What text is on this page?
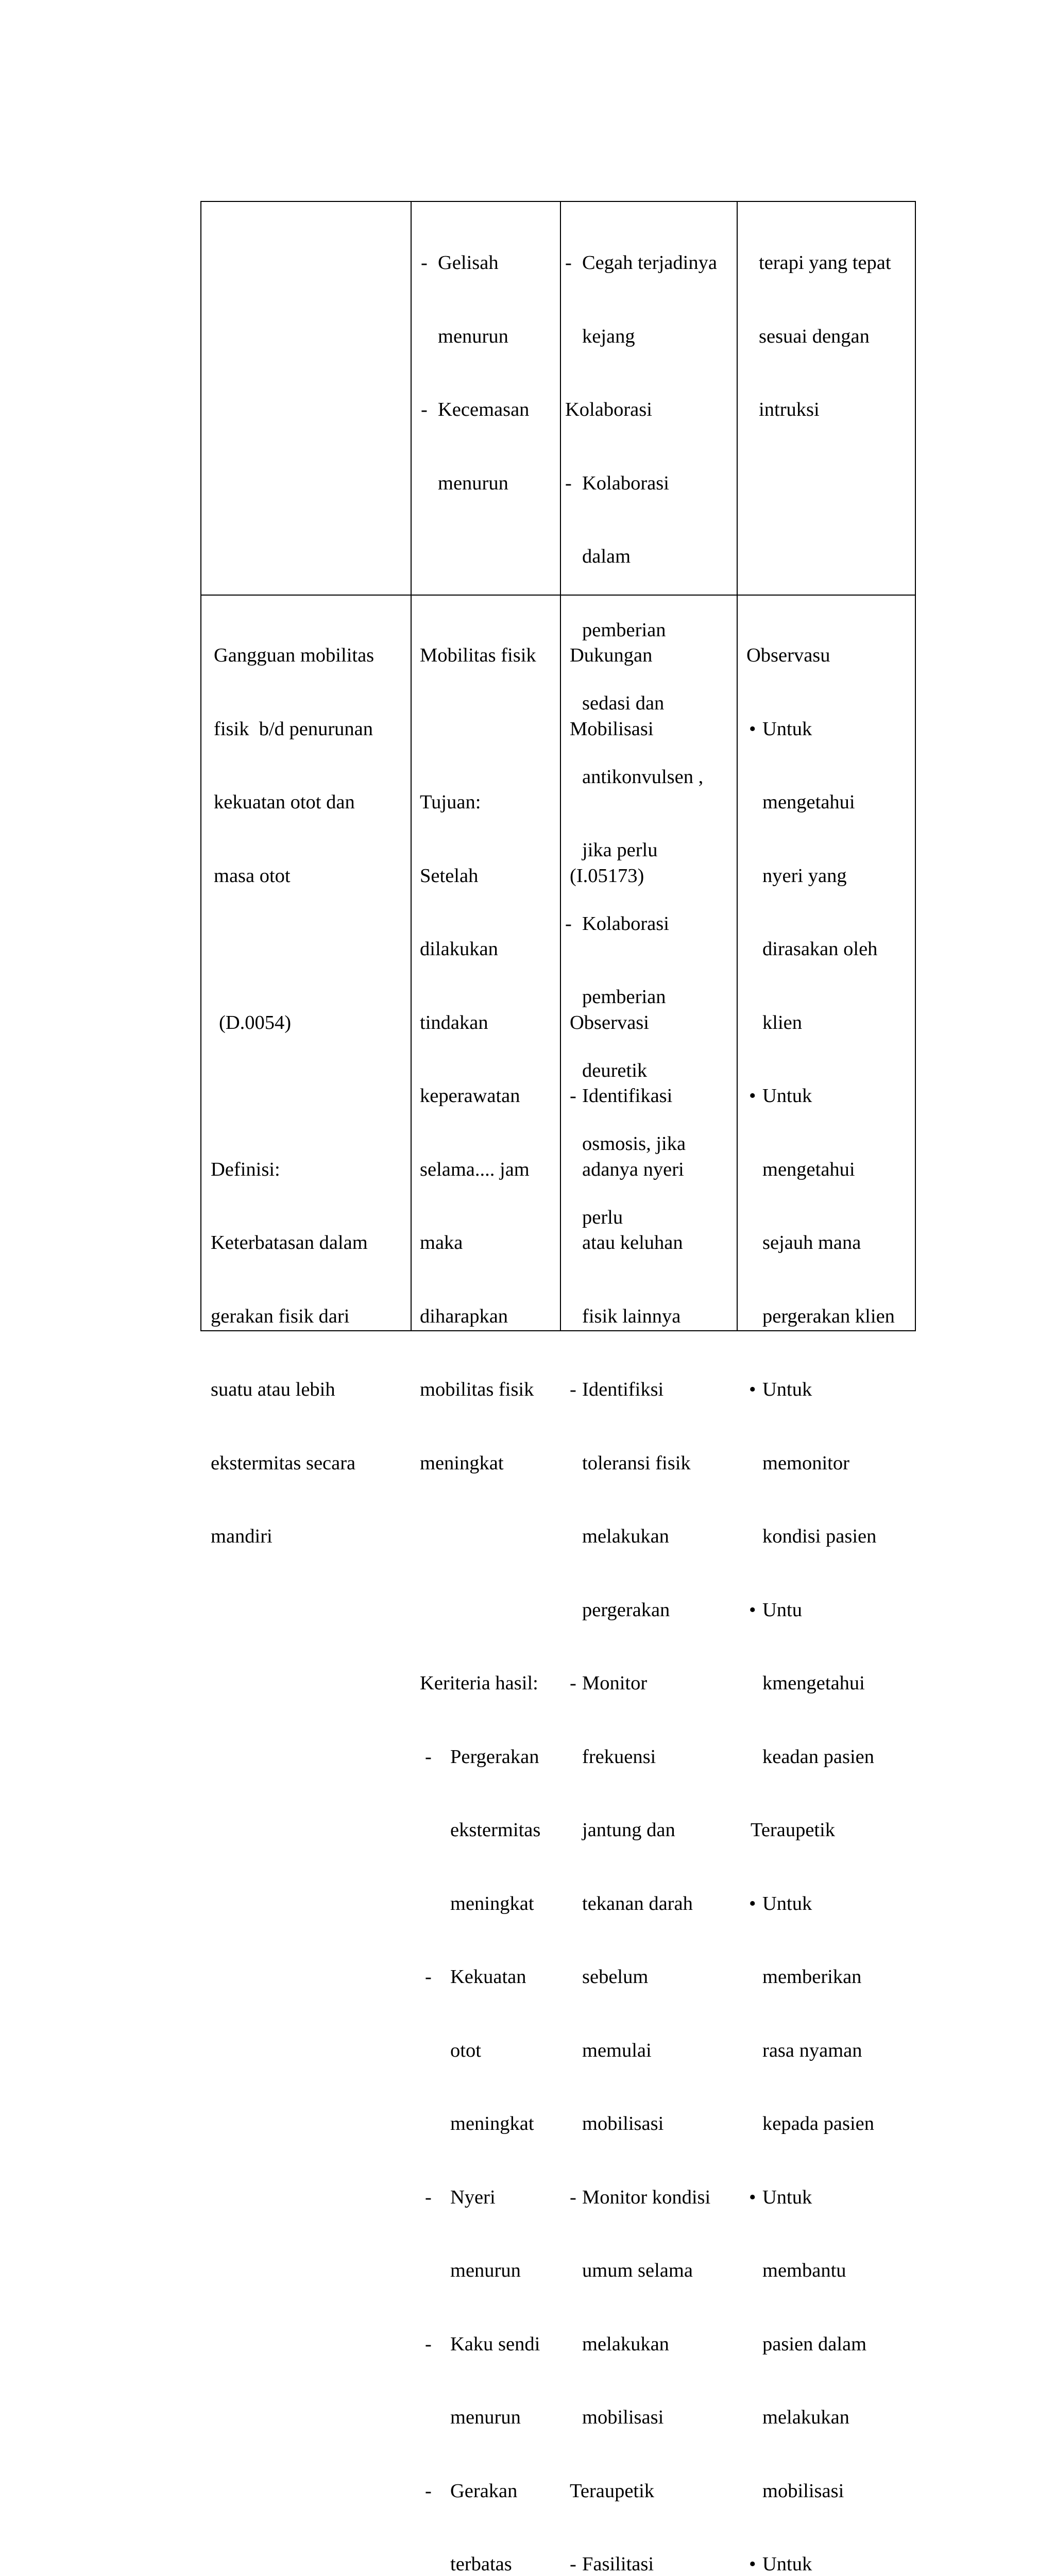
- Gelisah

menurun

- Kecemasan

menurun

- Cegah terjadinya

kejang

Kolaborasi

- Kolaborasi

dalam

pemberian

sedasi dan

antikonvulsen ,

jika perlu

- Kolaborasi

pemberian

deuretik

osmosis, jika

perlu

terapi yang tepat

sesuai dengan

intruksi

Gangguan mobilitas

fisik  b/d penurunan

kekuatan otot dan

masa otot

(D.0054)

Definisi:

Keterbatasan dalam

gerakan fisik dari

suatu atau lebih

ekstermitas secara

mandiri

Mobilitas fisik

Tujuan:

Setelah

dilakukan

tindakan

keperawatan

selama.... jam

maka

diharapkan

mobilitas fisik

meningkat

Keriteria hasil:

- Pergerakan

ekstermitas

meningkat

- Kekuatan

otot

meningkat

- Nyeri

menurun

- Kaku sendi

menurun

- Gerakan

terbatas

Dukungan

Mobilisasi

(I.05173)

Observasi

- Identifikasi

adanya nyeri

atau keluhan

fisik lainnya

- Identifiksi

toleransi fisik

melakukan

pergerakan

- Monitor

frekuensi

jantung dan

tekanan darah

sebelum

memulai

mobilisasi

- Monitor kondisi

umum selama

melakukan

mobilisasi

Teraupetik

- Fasilitasi

Observasu

• Untuk

mengetahui

nyeri yang

dirasakan oleh

klien

• Untuk

mengetahui

sejauh mana

pergerakan klien

• Untuk

memonitor

kondisi pasien

• Untu

kmengetahui

keadan pasien

Teraupetik

• Untuk

memberikan

rasa nyaman

kepada pasien

• Untuk

membantu

pasien dalam

melakukan

mobilisasi

• Untuk
